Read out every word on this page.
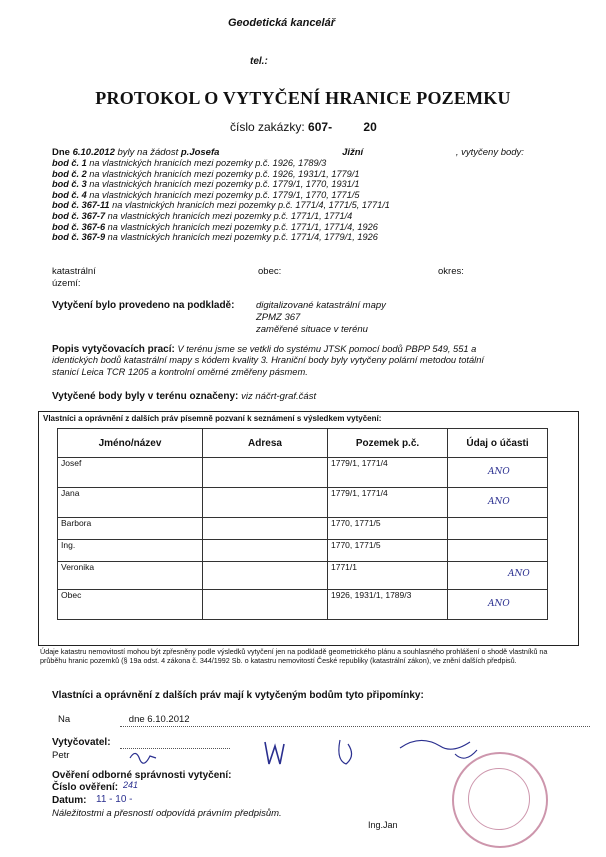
Geodetická kancelář
tel.:
PROTOKOL O VYTYČENÍ HRANICE POZEMKU
číslo zakázky: 607-	20
Dne 6.10.2012 byly na žádost p.Josefa	Jižní	, vytyčeny body:
bod č. 1 na vlastnických hranicích mezi pozemky p.č. 1926, 1789/3
bod č. 2 na vlastnických hranicích mezi pozemky p.č. 1926, 1931/1, 1779/1
bod č. 3 na vlastnických hranicích mezi pozemky p.č. 1779/1, 1770, 1931/1
bod č. 4 na vlastnických hranicích mezi pozemky p.č. 1779/1, 1770, 1771/5
bod č. 367-11 na vlastnických hranicích mezi pozemky p.č. 1771/4, 1771/5, 1771/1
bod č. 367-7 na vlastnických hranicích mezi pozemky p.č. 1771/1, 1771/4
bod č. 367-6 na vlastnických hranicích mezi pozemky p.č. 1771/1, 1771/4, 1926
bod č. 367-9 na vlastnických hranicích mezi pozemky p.č. 1771/4, 1779/1, 1926
katastrální
území:
obec:	okres:
Vytyčení bylo provedeno na podkladě: digitalizované katastrální mapy
ZPMZ 367
zaměřené situace v terénu
Popis vytyčovacích prací: V terénu jsme se vetkli do systému JTSK pomocí bodů PBPP 549, 551 a
identických bodů katastrální mapy s kódem kvality 3. Hraniční body byly vytyčeny polární metodou totální
stanicí Leica TCR 1205 a kontrolní oměrné změřeny pásmem.
Vytyčené body byly v terénu označeny: viz náčrt-graf.část
Vlastníci a oprávnění z dalších práv písemně pozvaní k seznámení s výsledkem vytyčení:
Jméno/název	Adresa	Pozemek p.č.	Údaj o účasti
Josef		1779/1, 1771/4	ANO
Jana		1779/1, 1771/4	ANO
Barbora		1770, 1771/5	
Ing.		1770, 1771/5	
Veronika		1771/1	ANO
Obec		1926, 1931/1, 1789/3	ANO
Údaje katastru nemovitostí mohou být zpřesněny podle výsledků vytyčení jen na podkladě geometrického plánu a souhlasného prohlášení o shodě vlastníků na průběhu hranic pozemků (§ 19a odst. 4 zákona č. 344/1992 Sb. o katastru nemovitostí České republiky (katastrální zákon), ve znění dalších předpisů.
Vlastníci a oprávnění z dalších práv mají k vytyčeným bodům tyto připomínky:
Na	dne 6.10.2012
Vytyčovatel:
Petr
Ověření odborné správnosti vytyčení:
Číslo ověření: 241
Datum: 11 - 10 -
Náležitostmi a přesností odpovídá právním předpisům.
Ing.Jan
